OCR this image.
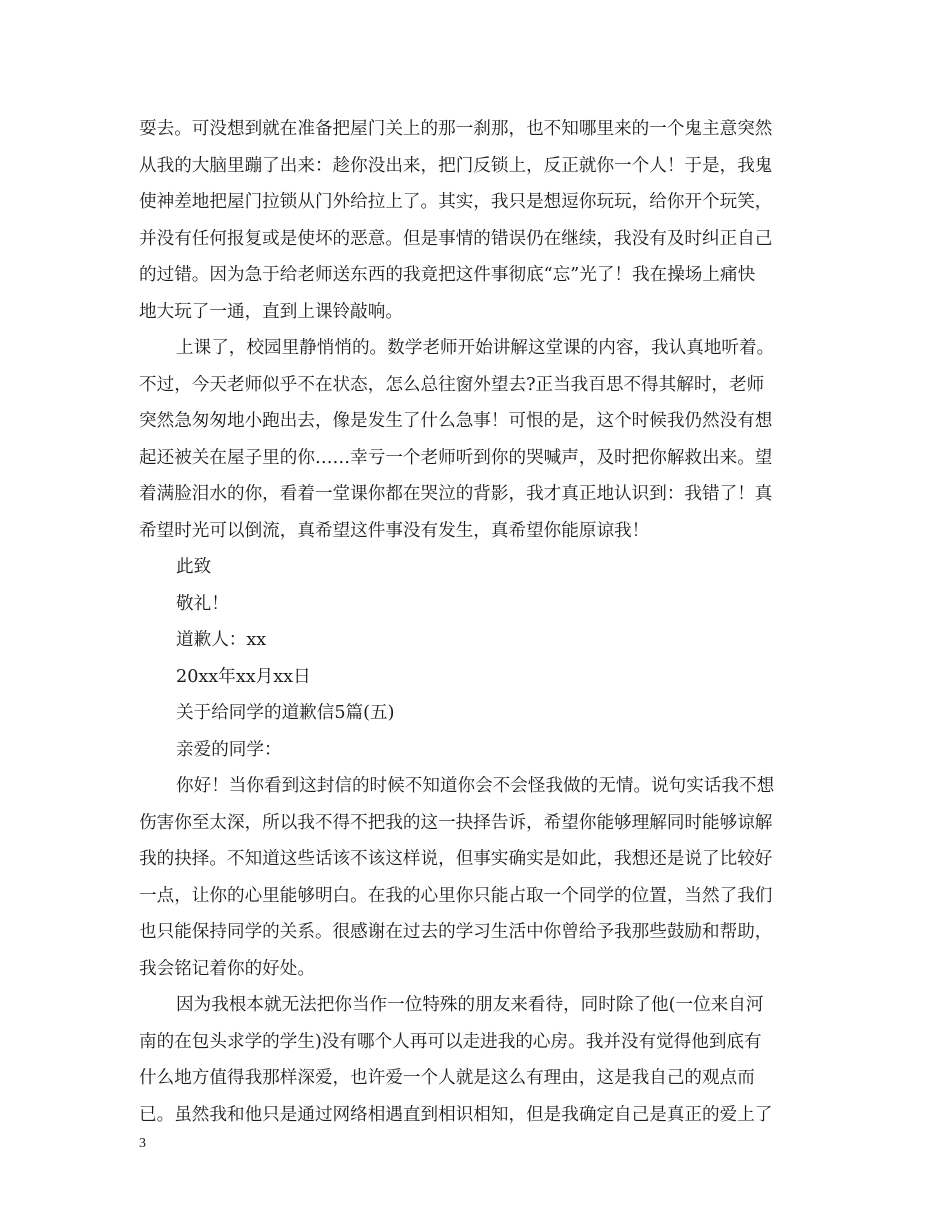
耍去。可没想到就在准备把屋门关上的那一刹那，也不知哪里来的一个鬼主意突然
从我的大脑里蹦了出来：趁你没出来，把门反锁上，反正就你一个人！于是，我鬼
使神差地把屋门拉锁从门外给拉上了。其实，我只是想逗你玩玩，给你开个玩笑，
并没有任何报复或是使坏的恶意。但是事情的错误仍在继续，我没有及时纠正自己
的过错。因为急于给老师送东西的我竟把这件事彻底“忘”光了！我在操场上痛快
地大玩了一通，直到上课铃敲响。
上课了，校园里静悄悄的。数学老师开始讲解这堂课的内容，我认真地听着。
不过，今天老师似乎不在状态，怎么总往窗外望去?正当我百思不得其解时，老师
突然急匆匆地小跑出去，像是发生了什么急事！可恨的是，这个时候我仍然没有想
起还被关在屋子里的你……幸亏一个老师听到你的哭喊声，及时把你解救出来。望
着满脸泪水的你，看着一堂课你都在哭泣的背影，我才真正地认识到：我错了！真
希望时光可以倒流，真希望这件事没有发生，真希望你能原谅我！
此致
敬礼！
道歉人：xx
20xx年xx月xx日
关于给同学的道歉信5篇(五)
亲爱的同学：
你好！当你看到这封信的时候不知道你会不会怪我做的无情。说句实话我不想
伤害你至太深，所以我不得不把我的这一抉择告诉，希望你能够理解同时能够谅解
我的抉择。不知道这些话该不该这样说，但事实确实是如此，我想还是说了比较好
一点，让你的心里能够明白。在我的心里你只能占取一个同学的位置，当然了我们
也只能保持同学的关系。很感谢在过去的学习生活中你曾给予我那些鼓励和帮助，
我会铭记着你的好处。
因为我根本就无法把你当作一位特殊的朋友来看待，同时除了他(一位来自河
南的在包头求学的学生)没有哪个人再可以走进我的心房。我并没有觉得他到底有
什么地方值得我那样深爱，也许爱一个人就是这么有理由，这是我自己的观点而
已。虽然我和他只是通过网络相遇直到相识相知，但是我确定自己是真正的爱上了
3
